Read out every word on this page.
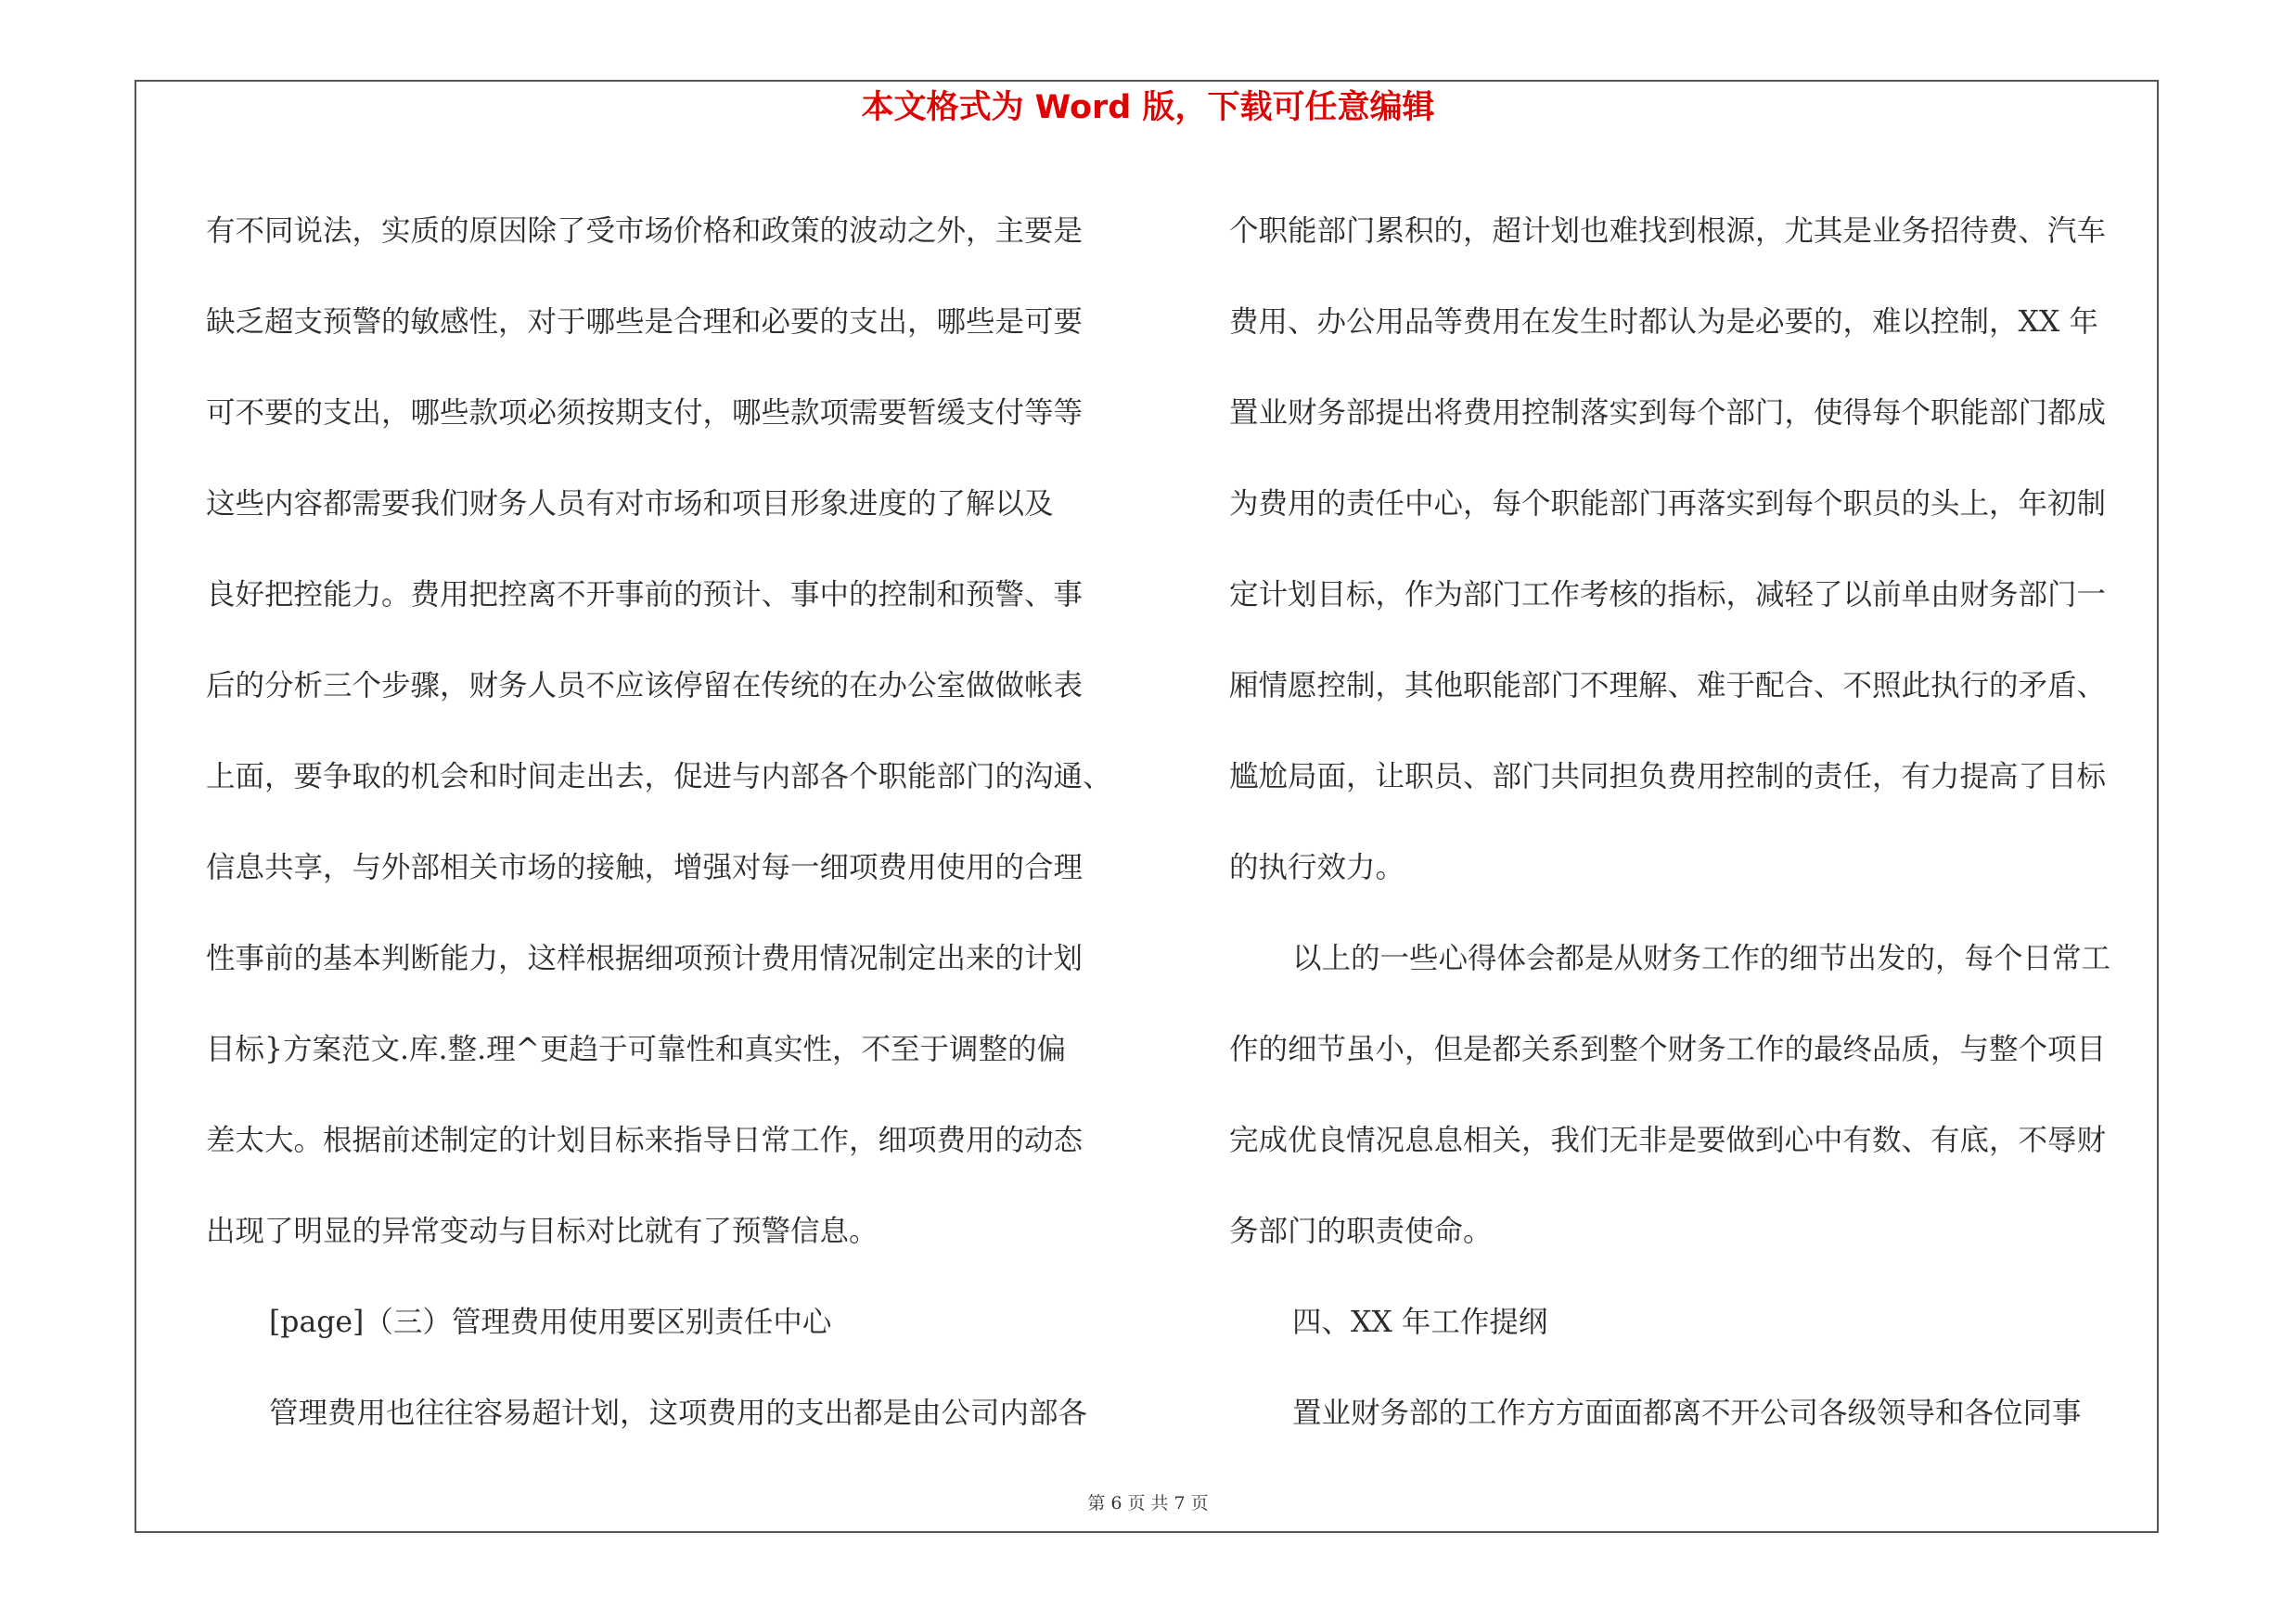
本文格式为 Word 版，下载可任意编辑
有不同说法，实质的原因除了受市场价格和政策的波动之外，主要是
缺乏超支预警的敏感性，对于哪些是合理和必要的支出，哪些是可要
可不要的支出，哪些款项必须按期支付，哪些款项需要暂缓支付等等
这些内容都需要我们财务人员有对市场和项目形象进度的了解以及
良好把控能力。费用把控离不开事前的预计、事中的控制和预警、事
后的分析三个步骤，财务人员不应该停留在传统的在办公室做做帐表
上面，要争取的机会和时间走出去，促进与内部各个职能部门的沟通、
信息共享，与外部相关市场的接触，增强对每一细项费用使用的合理
性事前的基本判断能力，这样根据细项预计费用情况制定出来的计划
目标}方案范文.库.整.理^更趋于可靠性和真实性，不至于调整的偏
差太大。根据前述制定的计划目标来指导日常工作，细项费用的动态
出现了明显的异常变动与目标对比就有了预警信息。
[page]（三）管理费用使用要区别责任中心
管理费用也往往容易超计划，这项费用的支出都是由公司内部各
个职能部门累积的，超计划也难找到根源，尤其是业务招待费、汽车
费用、办公用品等费用在发生时都认为是必要的，难以控制，XX 年
置业财务部提出将费用控制落实到每个部门，使得每个职能部门都成
为费用的责任中心，每个职能部门再落实到每个职员的头上，年初制
定计划目标，作为部门工作考核的指标，减轻了以前单由财务部门一
厢情愿控制，其他职能部门不理解、难于配合、不照此执行的矛盾、
尴尬局面，让职员、部门共同担负费用控制的责任，有力提高了目标
的执行效力。
以上的一些心得体会都是从财务工作的细节出发的，每个日常工
作的细节虽小，但是都关系到整个财务工作的最终品质，与整个项目
完成优良情况息息相关，我们无非是要做到心中有数、有底，不辱财
务部门的职责使命。
四、XX 年工作提纲
置业财务部的工作方方面面都离不开公司各级领导和各位同事
第 6 页 共 7 页
